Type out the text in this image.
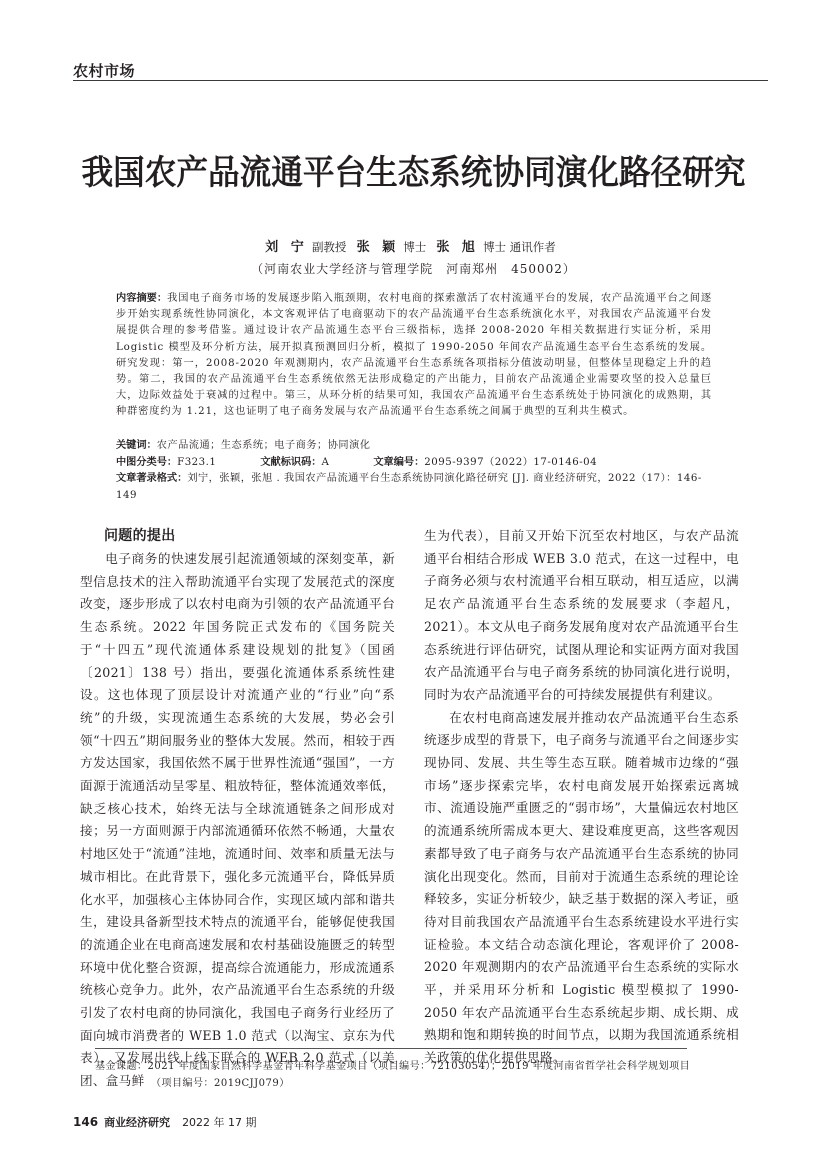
农村市场
我国农产品流通平台生态系统协同演化路径研究
刘 宁 副教授 张 颖 博士 张 旭 博士 通讯作者
（河南农业大学经济与管理学院　河南郑州　450002）
内容摘要：我国电子商务市场的发展逐步陷入瓶颈期，农村电商的探索激活了农村流通平台的发展，农产品流通平台之间逐步开始实现系统性协同演化，本文客观评估了电商驱动下的农产品流通平台生态系统演化水平，对我国农产品流通平台发展提供合理的参考借鉴。通过设计农产品流通生态平台三级指标，选择 2008-2020 年相关数据进行实证分析，采用 Logistic 模型及环分析方法，展开拟真预测回归分析，模拟了 1990-2050 年间农产品流通生态平台生态系统的发展。研究发现：第一，2008-2020 年观测期内，农产品流通平台生态系统各项指标分值波动明显，但整体呈现稳定上升的趋势。第二，我国的农产品流通平台生态系统依然无法形成稳定的产出能力，目前农产品流通企业需要攻坚的投入总量巨大，边际效益处于衰减的过程中。第三，从环分析的结果可知，我国农产品流通平台生态系统处于协同演化的成熟期，其种群密度约为 1.21，这也证明了电子商务发展与农产品流通平台生态系统之间属于典型的互利共生模式。
关键词：农产品流通；生态系统；电子商务；协同演化
中图分类号：F323.1	文献标识码：A	文章编号：2095-9397（2022）17-0146-04
文章著录格式：刘宁，张颖，张旭 . 我国农产品流通平台生态系统协同演化路径研究 [J]. 商业经济研究，2022（17）：146-149
问题的提出

电子商务的快速发展引起流通领域的深刻变革，新型信息技术的注入帮助流通平台实现了发展范式的深度改变，逐步形成了以农村电商为引领的农产品流通平台生态系统。2022 年国务院正式发布的《国务院关于“十四五”现代流通体系建设规划的批复》（国函〔2021〕138 号）指出，要强化流通体系系统性建设。这也体现了顶层设计对流通产业的“行业”向“系统”的升级，实现流通生态系统的大发展，势必会引领“十四五”期间服务业的整体大发展。然而，相较于西方发达国家，我国依然不属于世界性流通“强国”，一方面源于流通活动呈零星、粗放特征，整体流通效率低，缺乏核心技术，始终无法与全球流通链条之间形成对接；另一方面则源于内部流通循环依然不畅通，大量农村地区处于“流通”洼地，流通时间、效率和质量无法与城市相比。在此背景下，强化多元流通平台，降低异质化水平，加强核心主体协同合作，实现区域内部和谐共生，建设具备新型技术特点的流通平台，能够促使我国的流通企业在电商高速发展和农村基础设施匮乏的转型环境中优化整合资源，提高综合流通能力，形成流通系统核心竞争力。此外，农产品流通平台生态系统的升级引发了农村电商的协同演化，我国电子商务行业经历了面向城市消费者的 WEB 1.0 范式（以淘宝、京东为代表），又发展出线上线下联合的 WEB 2.0 范式（以美团、盒马鲜

生为代表），目前又开始下沉至农村地区，与农产品流通平台相结合形成 WEB 3.0 范式，在这一过程中，电子商务必须与农村流通平台相互联动，相互适应，以满足农产品流通平台生态系统的发展要求（李超凡，2021）。本文从电子商务发展角度对农产品流通平台生态系统进行评估研究，试图从理论和实证两方面对我国农产品流通平台与电子商务系统的协同演化进行说明，同时为农产品流通平台的可持续发展提供有利建议。

在农村电商高速发展并推动农产品流通平台生态系统逐步成型的背景下，电子商务与流通平台之间逐步实现协同、发展、共生等生态互联。随着城市边缘的“强市场”逐步探索完毕，农村电商发展开始探索远离城市、流通设施严重匮乏的“弱市场”，大量偏远农村地区的流通系统所需成本更大、建设难度更高，这些客观因素都导致了电子商务与农产品流通平台生态系统的协同演化出现变化。然而，目前对于流通生态系统的理论诠释较多，实证分析较少，缺乏基于数据的深入考证，亟待对目前我国农产品流通平台生态系统建设水平进行实证检验。本文结合动态演化理论，客观评价了 2008-2020 年观测期内的农产品流通平台生态系统的实际水平，并采用环分析和 Logistic 模型模拟了 1990-2050 年农产品流通平台生态系统起步期、成长期、成熟期和饱和期转换的时间节点，以期为我国流通系统相关政策的优化提供思路。

基金课题：2021 年度国家自然科学基金青年科学基金项目（项目编号：72103054）；2019 年度河南省哲学社会科学规划项目
（项目编号：2019CJJ079）
146 商业经济研究 2022 年 17 期
